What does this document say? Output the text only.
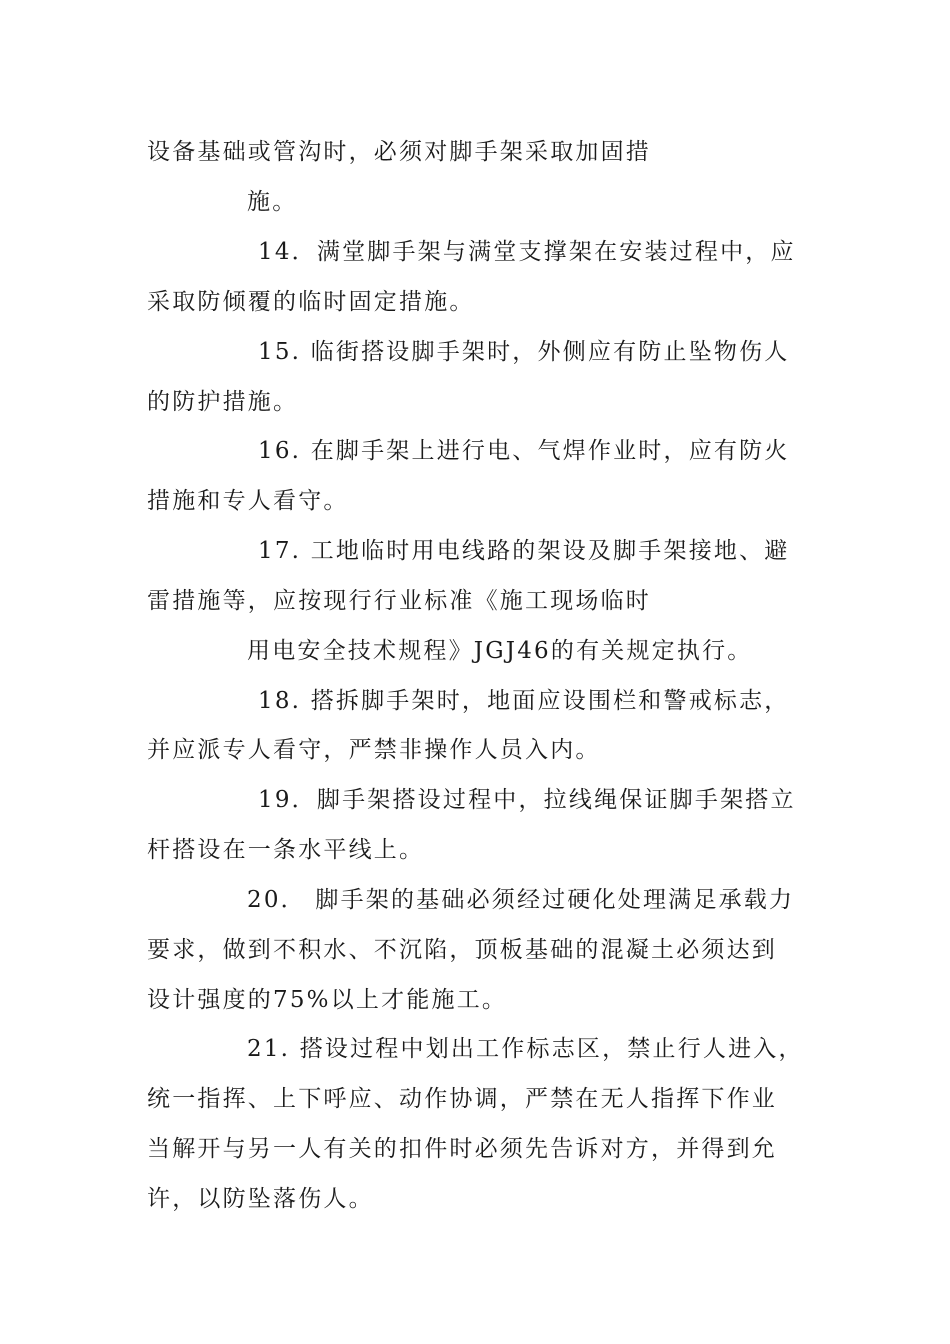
设备基础或管沟时，必须对脚手架采取加固措
施。
14．满堂脚手架与满堂支撑架在安装过程中，应
采取防倾覆的临时固定措施。
15. 临街搭设脚手架时，外侧应有防止坠物伤人
的防护措施。
16. 在脚手架上进行电、气焊作业时，应有防火
措施和专人看守。
17. 工地临时用电线路的架设及脚手架接地、避
雷措施等，应按现行行业标准《施工现场临时
用电安全技术规程》JGJ46的有关规定执行。
18. 搭拆脚手架时，地面应设围栏和警戒标志，
并应派专人看守，严禁非操作人员入内。
19．脚手架搭设过程中，拉线绳保证脚手架搭立
杆搭设在一条水平线上。
20． 脚手架的基础必须经过硬化处理满足承载力
要求，做到不积水、不沉陷，顶板基础的混凝土必须达到
设计强度的75%以上才能施工。
21. 搭设过程中划出工作标志区，禁止行人进入，
统一指挥、上下呼应、动作协调，严禁在无人指挥下作业
当解开与另一人有关的扣件时必须先告诉对方，并得到允
许，以防坠落伤人。
